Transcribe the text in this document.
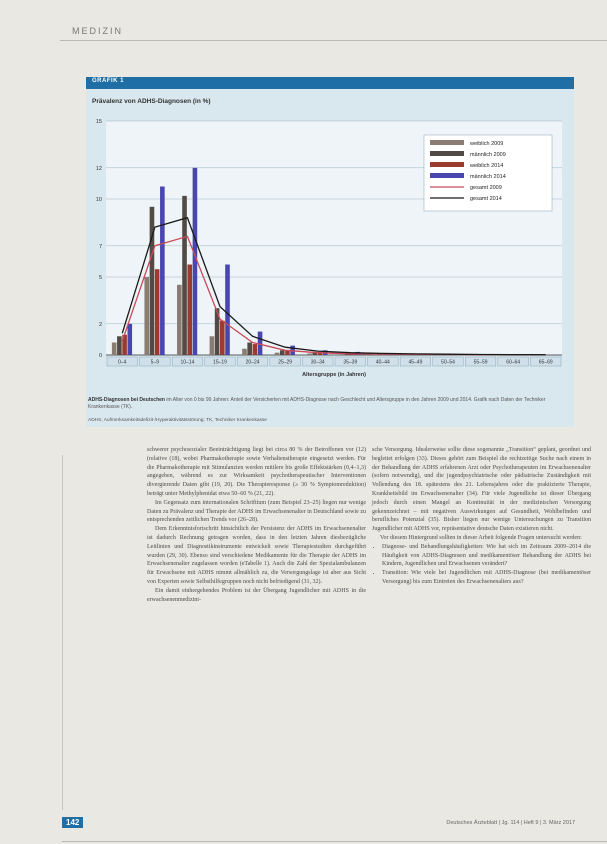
MEDIZIN
GRAFIK 1
Prävalenz von ADHS-Diagnosen (in %)
0
2
5
7
10
12
15
0–4	5–9	10–14	15–19	20–24	25–29	30–34	35–39	40–44	45–49	50–54	55–59	60–64	65–69
Altersgruppe (in Jahren)
weiblich 2009
männlich 2009
weiblich 2014
männlich 2014
gesamt 2009
gesamt 2014
ADHS-Diagnosen bei Deutschen im Alter von 0 bis 99 Jahren: Anteil der Versicherten mit ADHS-Diagnose nach Geschlecht und Altersgruppe in den Jahren 2009 und 2014. Grafik nach Daten der Techniker Krankenkasse (TK).
ADHS, Aufmerksamkeitsdefizit-/Hyperaktivitätsstörung; TK, Techniker Krankenkasse

schwerer psychosozialer Beeinträchtigung liegt bei circa 80 % der Betroffenen vor (12) (relative (18), wobei Pharmakotherapie sowie Verhaltenstherapie eingesetzt werden. Für die Pharmakotherapie mit Stimulanzien werden mittlere bis große Effektstärken (0,4–1,3) angegeben, während es zur Wirksamkeit psychotherapeutischer Interventionen divergierende Daten gibt (19, 20). Die Therapieresponse (≥ 30 % Symptomreduktion) beträgt unter Methylphenidat etwa 50–60 % (21, 22).

Im Gegensatz zum internationalen Schrifttum (zum Beispiel 23–25) liegen nur wenige Daten zu Prävalenz und Therapie der ADHS im Erwachsenenalter in Deutschland sowie zu entsprechenden zeitlichen Trends vor (26–28).

Dem Erkenntnisfortschritt hinsichtlich der Persistenz der ADHS im Erwachsenenalter ist dadurch Rechnung getragen worden, dass in den letzten Jahren diesbezügliche Leitlinien und Diagnostikinstrumente entwickelt sowie Therapiestudien durchgeführt wurden (29, 30). Ebenso sind verschiedene Medikamente für die Therapie der ADHS im Erwachsenenalter zugelassen worden (eTabelle 1). Auch die Zahl der Spezialambulanzen für Erwachsene mit ADHS nimmt allmählich zu, die Versorgungslage ist aber aus Sicht von Experten sowie Selbsthilfegruppen noch nicht befriedigend (31, 32).

Ein damit einhergehendes Problem ist der Übergang Jugendlicher mit ADHS in die erwachsenenmedizini-

sche Versorgung. Idealerweise sollte diese sogenannte „Transition“ geplant, geordnet und begleitet erfolgen (33). Dieses gehört zum Beispiel die rechtzeitige Suche nach einem in der Behandlung der ADHS erfahrenen Arzt oder Psychotherapeuten im Erwachsenenalter (sofern notwendig), und die jugendpsychiatrische oder pädiatrische Zuständigkeit mit Vollendung des 18. spätestens des 21. Lebensjahres oder die praktizierte Therapie, Krankheitsbild im Erwachsenenalter (34). Für viele Jugendliche ist dieser Übergang jedoch durch einen Mangel an Kontinuität in der medizinischen Versorgung gekennzeichnet – mit negativen Auswirkungen auf Gesundheit, Wohlbefinden und berufliches Potenzial (35). Bisher liegen nur wenige Untersuchungen zu Transition Jugendlicher mit ADHS vor, repräsentative deutsche Daten existieren nicht.

Vor diesem Hintergrund sollten in dieser Arbeit folgende Fragen untersucht werden:

• Diagnose- und Behandlungshäufigkeiten: Wie hat sich im Zeitraum 2009–2014 die Häufigkeit von ADHS-Diagnosen und medikamentöser Behandlung der ADHS bei Kindern, Jugendlichen und Erwachsenen verändert?
• Transition: Wie viele bei Jugendlichen mit ADHS-Diagnose (bei medikamentöser Versorgung) bis zum Eintreten des Erwachsenenalters aus?
142	Deutsches Ärzteblatt | Jg. 114 | Heft 9 | 3. März 2017
